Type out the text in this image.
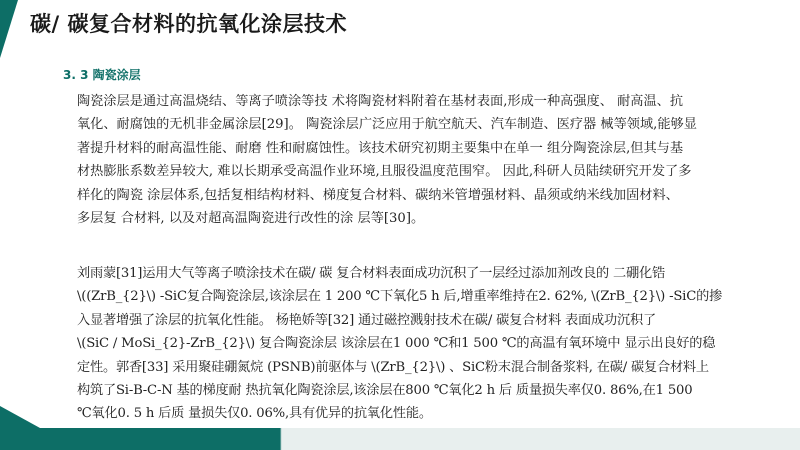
碳/ 碳复合材料的抗氧化涂层技术
3. 3 陶瓷涂层
陶瓷涂层是通过高温烧结、等离子喷涂等技 术将陶瓷材料附着在基材表面,形成一种高强度、 耐高温、抗
氧化、耐腐蚀的无机非金属涂层[29]。 陶瓷涂层广泛应用于航空航天、汽车制造、医疗器 械等领域,能够显
著提升材料的耐高温性能、耐磨 性和耐腐蚀性。该技术研究初期主要集中在单一 组分陶瓷涂层,但其与基
材热膨胀系数差异较大, 难以长期承受高温作业环境,且服役温度范围窄。 因此,科研人员陆续研究开发了多
样化的陶瓷 涂层体系,包括复相结构材料、梯度复合材料、碳纳米管增强材料、晶须或纳米线加固材料、
多层复 合材料, 以及对超高温陶瓷进行改性的涂 层等[30]。
刘雨蒙[31]运用大气等离子喷涂技术在碳/ 碳 复合材料表面成功沉积了一层经过添加剂改良的 二硼化锆
\((ZrB_{2}\) -SiC复合陶瓷涂层,该涂层在 1 200 ℃下氧化5 h 后,增重率维持在2. 62%, \(ZrB_{2}\) -SiC的掺
入显著增强了涂层的抗氧化性能。 杨艳娇等[32] 通过磁控溅射技术在碳/ 碳复合材料 表面成功沉积了
\(SiC / MoSi_{2}-ZrB_{2}\) 复合陶瓷涂层 该涂层在1 000 ℃和1 500 ℃的高温有氧环境中 显示出良好的稳
定性。郭香[33] 采用聚硅硼氮烷 (PSNB)前驱体与 \(ZrB_{2}\) 、SiC粉末混合制备浆料, 在碳/ 碳复合材料上
构筑了Si-B-C-N 基的梯度耐 热抗氧化陶瓷涂层,该涂层在800 ℃氧化2 h 后 质量损失率仅0. 86%,在1 500
℃氧化0. 5 h 后质 量损失仅0. 06%,具有优异的抗氧化性能。
